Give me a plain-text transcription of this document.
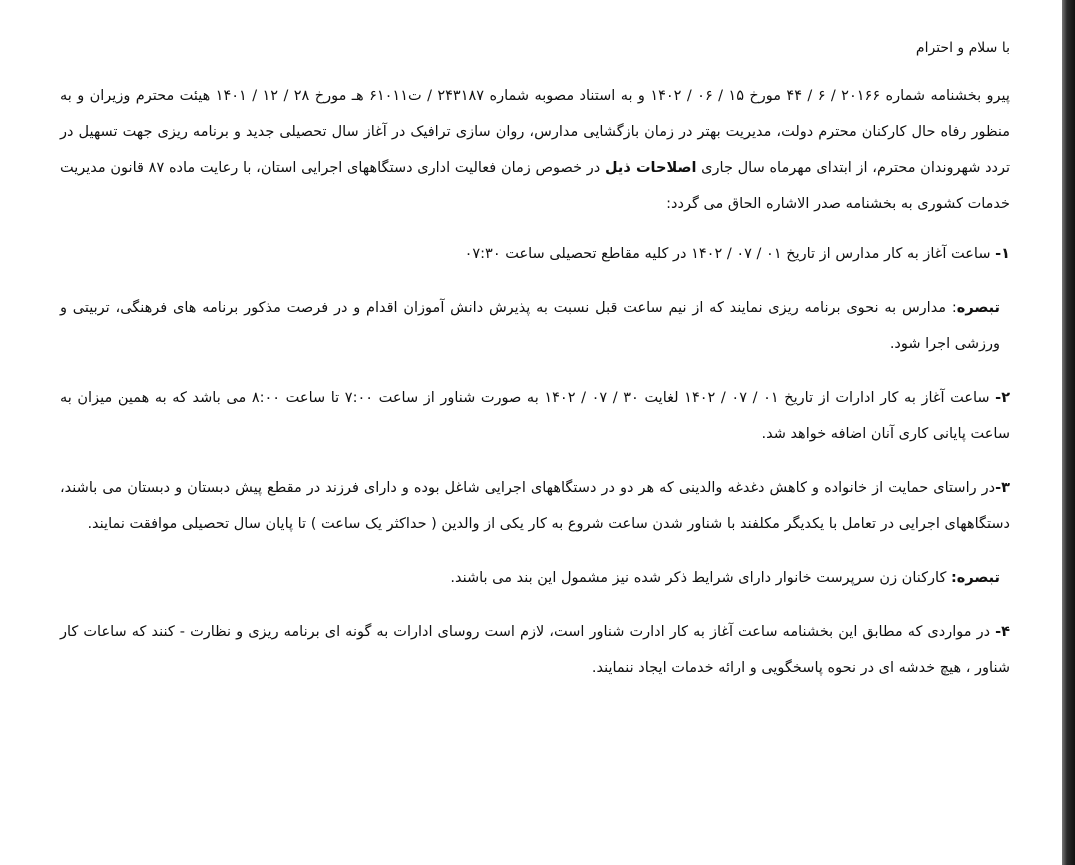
با سلام و احترام

پیرو بخشنامه شماره ۲۰۱۶۶ / ۶ / ۴۴ مورخ ۱۵ / ۰۶ / ۱۴۰۲ و به استناد مصوبه شماره ۲۴۳۱۸۷ / ت۶۱۰۱۱ هـ مورخ ۲۸ / ۱۲ / ۱۴۰۱ هیئت محترم وزیران و به منظور رفاه حال کارکنان محترم دولت، مدیریت بهتر در زمان بازگشایی مدارس، روان سازی ترافیک در آغاز سال تحصیلی جدید و برنامه ریزی جهت تسهیل در تردد شهروندان محترم، از ابتدای مهرماه سال جاری اصلاحات ذیل در خصوص زمان فعالیت اداری دستگاههای اجرایی استان، با رعایت ماده ۸۷ قانون مدیریت خدمات کشوری به بخشنامه صدر الاشاره الحاق می گردد:

۱- ساعت آغاز به کار مدارس از تاریخ ۰۱ / ۰۷ / ۱۴۰۲ در کلیه مقاطع تحصیلی ساعت ۰۷:۳۰

تبصره: مدارس به نحوی برنامه ریزی نمایند که از نیم ساعت قبل نسبت به پذیرش دانش آموزان اقدام و در فرصت مذکور برنامه های فرهنگی، تربیتی و ورزشی اجرا شود.

۲- ساعت آغاز به کار ادارات از تاریخ ۰۱ / ۰۷ / ۱۴۰۲ لغایت ۳۰ / ۰۷ / ۱۴۰۲ به صورت شناور از ساعت ۷:۰۰ تا ساعت ۸:۰۰ می باشد که به همین میزان به ساعت پایانی کاری آنان اضافه خواهد شد.

۳-در راستای حمایت از خانواده و کاهش دغدغه والدینی که هر دو در دستگاههای اجرایی شاغل بوده و دارای فرزند در مقطع پیش دبستان و دبستان می باشند، دستگاههای اجرایی در تعامل با یکدیگر مکلفند با شناور شدن ساعت شروع به کار یکی از والدین ( حداکثر یک ساعت ) تا پایان سال تحصیلی موافقت نمایند.

تبصره: کارکنان زن سرپرست خانوار دارای شرایط ذکر شده نیز مشمول این بند می باشند.

۴- در مواردی که مطابق این بخشنامه ساعت آغاز به کار ادارت شناور است، لازم است روسای ادارات به گونه ای برنامه ریزی و نظارت - کنند که ساعات کار شناور ، هیچ خدشه ای در نحوه پاسخگویی و ارائه خدمات ایجاد ننمایند.
